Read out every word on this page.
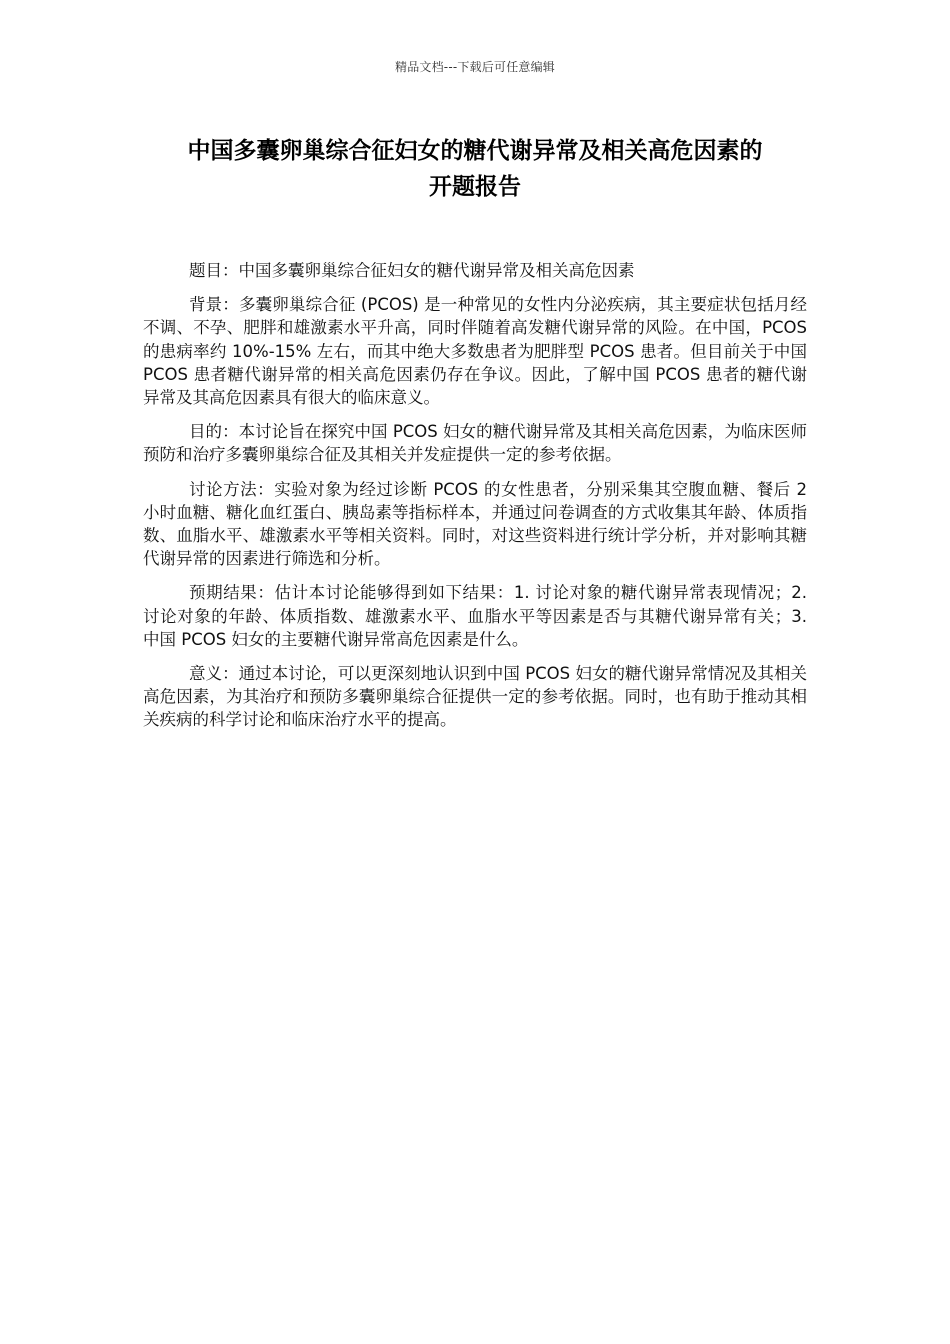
精品文档---下载后可任意编辑
中国多囊卵巢综合征妇女的糖代谢异常及相关高危因素的
开题报告

题目：中国多囊卵巢综合征妇女的糖代谢异常及相关高危因素

背景：多囊卵巢综合征 (PCOS) 是一种常见的女性内分泌疾病，其主要症状包括月经不调、不孕、肥胖和雄激素水平升高，同时伴随着高发糖代谢异常的风险。在中国，PCOS 的患病率约 10%-15% 左右，而其中绝大多数患者为肥胖型 PCOS 患者。但目前关于中国 PCOS 患者糖代谢异常的相关高危因素仍存在争议。因此，了解中国 PCOS 患者的糖代谢异常及其高危因素具有很大的临床意义。

目的：本讨论旨在探究中国 PCOS 妇女的糖代谢异常及其相关高危因素，为临床医师预防和治疗多囊卵巢综合征及其相关并发症提供一定的参考依据。

讨论方法：实验对象为经过诊断 PCOS 的女性患者，分别采集其空腹血糖、餐后 2 小时血糖、糖化血红蛋白、胰岛素等指标样本，并通过问卷调查的方式收集其年龄、体质指数、血脂水平、雄激素水平等相关资料。同时，对这些资料进行统计学分析，并对影响其糖代谢异常的因素进行筛选和分析。

预期结果：估计本讨论能够得到如下结果：1. 讨论对象的糖代谢异常表现情况；2. 讨论对象的年龄、体质指数、雄激素水平、血脂水平等因素是否与其糖代谢异常有关；3. 中国 PCOS 妇女的主要糖代谢异常高危因素是什么。

意义：通过本讨论，可以更深刻地认识到中国 PCOS 妇女的糖代谢异常情况及其相关高危因素，为其治疗和预防多囊卵巢综合征提供一定的参考依据。同时，也有助于推动其相关疾病的科学讨论和临床治疗水平的提高。
